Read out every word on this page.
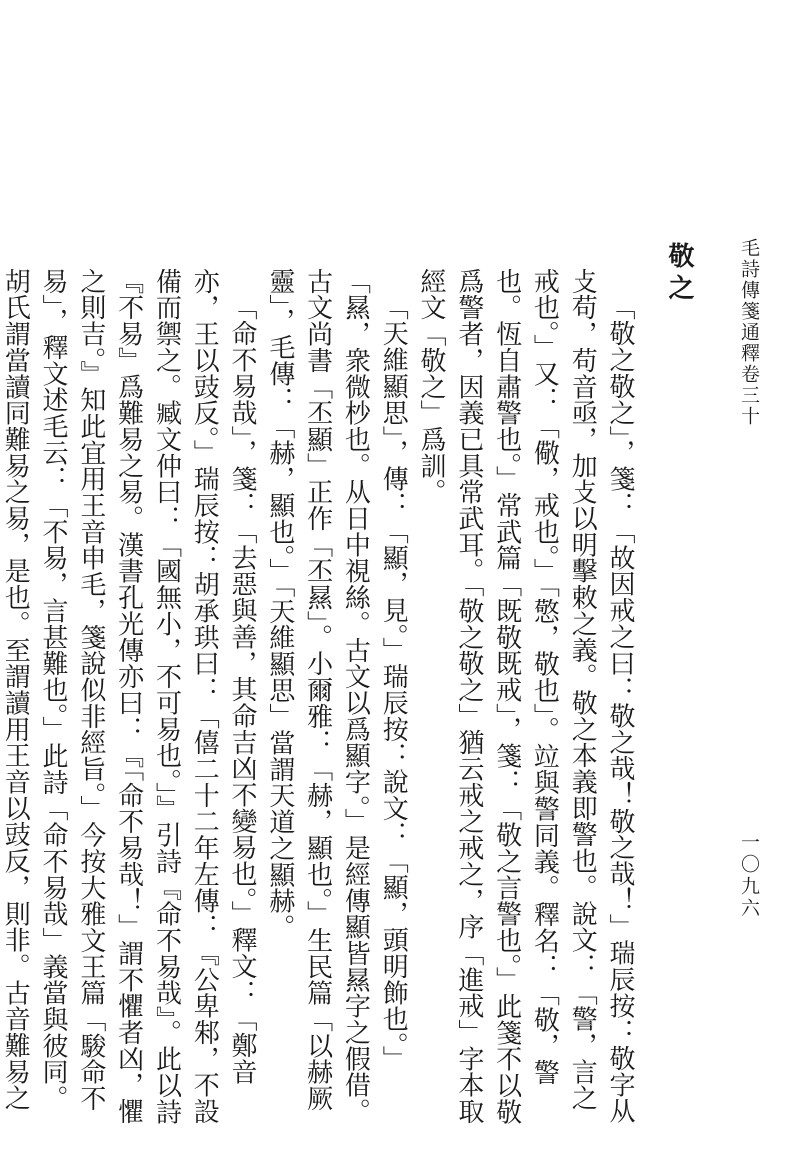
毛詩傳箋通釋卷三十
一〇九六
敬之

「敬之敬之」，箋：「故因戒之曰：敬之哉！敬之哉！」瑞辰按：敬字从攴苟，苟音亟，加攴以明擊敕之義。敬之本義即警也。說文：「警，言之戒也。」又：「儆，戒也。」「憼，敬也」。竝與警同義。釋名：「敬，警也。恆自肅警也。」常武篇「既敬既戒」，箋：「敬之言警也。」此箋不以敬爲警者，因義已具常武耳。「敬之敬之」猶云戒之戒之，序「進戒」字本取經文「敬之」爲訓。

「天維顯思」，傳：「顯，見。」瑞辰按：說文：「顯，頭明飾也。」「㬎，衆微杪也。从日中視絲。古文以爲顯字。」是經傳顯皆㬎字之假借。古文尚書「丕顯」正作「丕㬎」。小爾雅：「赫，顯也。」生民篇「以赫厥靈」，毛傳：「赫，顯也。」「天維顯思」當謂天道之顯赫。

「命不易哉」，箋：「去惡與善，其命吉凶不變易也。」釋文：「鄭音亦，王以豉反。」瑞辰按：胡承珙曰：「僖二十二年左傳：『公卑邾，不設備而禦之。臧文仲曰：「國無小，不可易也。」』引詩『命不易哉』。此以詩『不易』爲難易之易。漢書孔光傳亦曰：『「命不易哉！」謂不懼者凶，懼之則吉。』知此宜用王音申毛，箋說似非經旨。」今按大雅文王篇「駿命不易」，釋文述毛云：「不易，言甚難也。」此詩「命不易哉」義當與彼同。胡氏謂當讀同難易之易，是也。至謂讀用王音以豉反，則非。古音難易之
